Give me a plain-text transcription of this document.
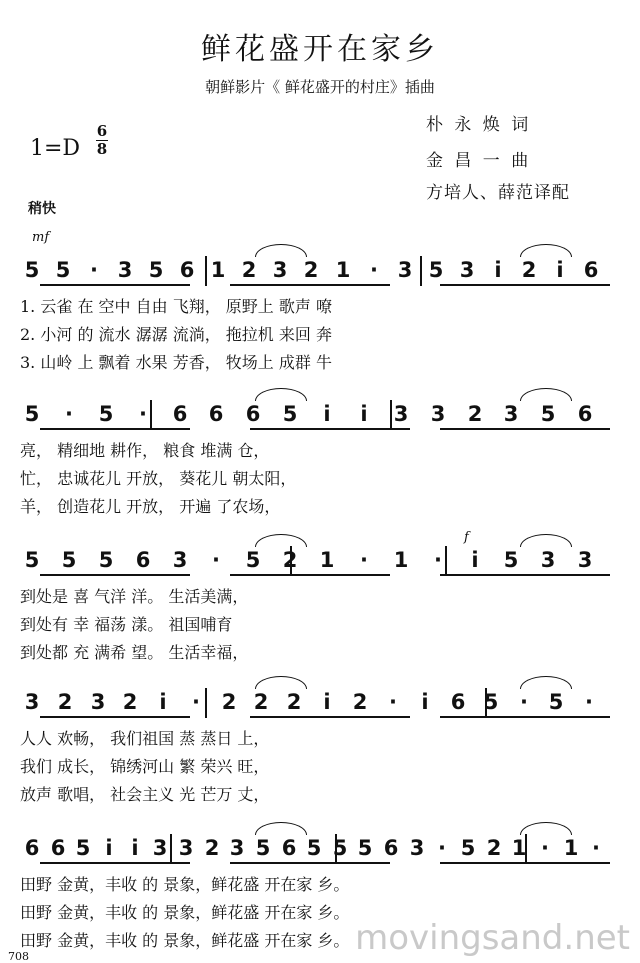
鲜花盛开在家乡
朝鲜影片《 鲜花盛开的村庄》插曲
1=D
6
8
朴 永 焕 词
金 昌 一 曲
方培人、薛范译配
稍快
mf
f
5 5 · 3 5 6 1 2 3 2 1 · 3 5 3 i 2 i 6
1. 云雀 在 空中 自由 飞翔， 原野上 歌声 嘹
2. 小河 的 流水 潺潺 流淌， 拖拉机 来回 奔
3. 山岭 上 飘着 水果 芳香， 牧场上 成群 牛
5 · 5 · 6 6 6 5	i	i	3 3 2 3 5 6
亮， 精细地 耕作， 粮食 堆满 仓，
忙， 忠诚花儿 开放， 葵花儿 朝太阳，
羊， 创造花儿 开放， 开遍 了农场，
5 5 5 6 3 · 5 2 1 · 1 ·	i	5 3 3
到处是 喜 气洋 洋。 生活美满，
到处有 幸 福荡 漾。 祖国哺育
到处都 充 满希 望。 生活幸福，
3 2 3 2	i	· 2 2 2	i	2 ·	i	6 5 · 5 ·
人人 欢畅， 我们祖国 蒸 蒸日 上，
我们 成长， 锦绣河山 繁 荣兴 旺，
放声 歌唱， 社会主义 光 芒万 丈，
6 6 5 i i 3 3 2 3 5 6 5 5 5 6 3 · 5 2 1 · 1 ·
田野 金黄，丰收 的 景象，鲜花盛 开在家 乡。
田野 金黄，丰收 的 景象，鲜花盛 开在家 乡。
田野 金黄，丰收 的 景象，鲜花盛 开在家 乡。 movingsand.net
708
